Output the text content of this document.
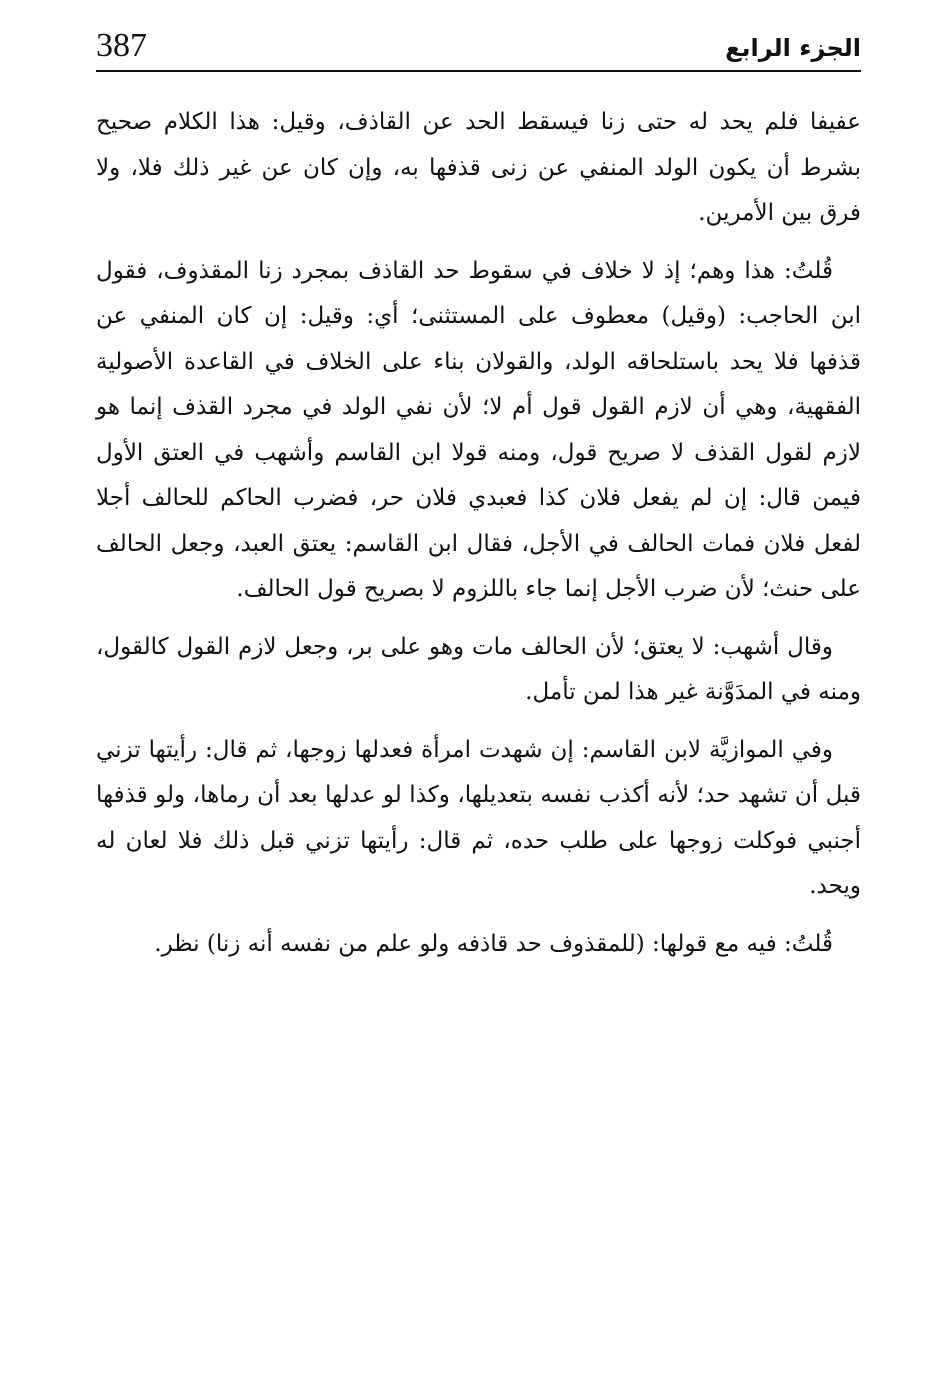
387	الجزء الرابع

عفيفا فلم يحد له حتى زنا فيسقط الحد عن القاذف، وقيل: هذا الكلام صحيح بشرط أن يكون الولد المنفي عن زنى قذفها به، وإن كان عن غير ذلك فلا، ولا فرق بين الأمرين.

قُلتُ: هذا وهم؛ إذ لا خلاف في سقوط حد القاذف بمجرد زنا المقذوف، فقول ابن الحاجب: (وقيل) معطوف على المستثنى؛ أي: وقيل: إن كان المنفي عن قذفها فلا يحد باستلحاقه الولد، والقولان بناء على الخلاف في القاعدة الأصولية الفقهية، وهي أن لازم القول قول أم لا؛ لأن نفي الولد في مجرد القذف إنما هو لازم لقول القذف لا صريح قول، ومنه قولا ابن القاسم وأشهب في العتق الأول فيمن قال: إن لم يفعل فلان كذا فعبدي فلان حر، فضرب الحاكم للحالف أجلا لفعل فلان فمات الحالف في الأجل، فقال ابن القاسم: يعتق العبد، وجعل الحالف على حنث؛ لأن ضرب الأجل إنما جاء باللزوم لا بصريح قول الحالف.

وقال أشهب: لا يعتق؛ لأن الحالف مات وهو على بر، وجعل لازم القول كالقول، ومنه في المدَوَّنة غير هذا لمن تأمل.

وفي الموازيَّة لابن القاسم: إن شهدت امرأة فعدلها زوجها، ثم قال: رأيتها تزني قبل أن تشهد حد؛ لأنه أكذب نفسه بتعديلها، وكذا لو عدلها بعد أن رماها، ولو قذفها أجنبي فوكلت زوجها على طلب حده، ثم قال: رأيتها تزني قبل ذلك فلا لعان له ويحد.

قُلتُ: فيه مع قولها: (للمقذوف حد قاذفه ولو علم من نفسه أنه زنا) نظر.
